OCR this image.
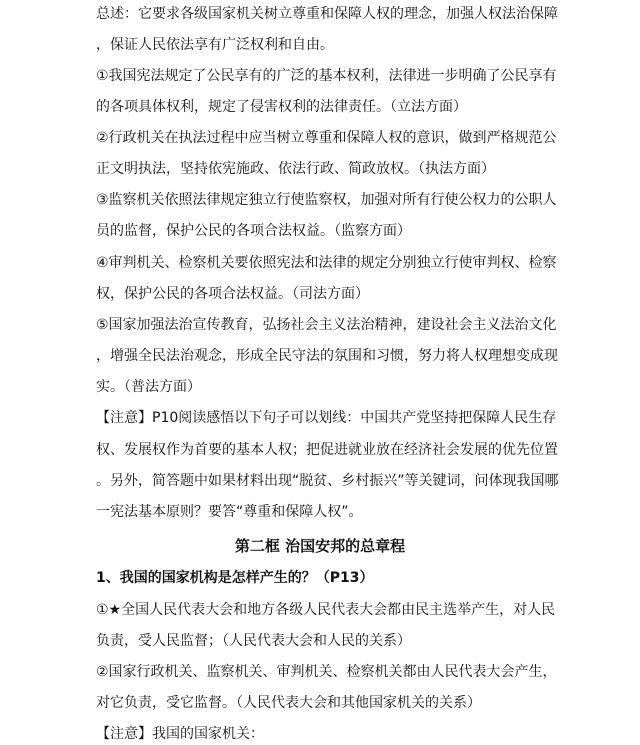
总述：它要求各级国家机关树立尊重和保障人权的理念，加强人权法治保障
，保证人民依法享有广泛权利和自由。
①我国宪法规定了公民享有的广泛的基本权利，法律进一步明确了公民享有
的各项具体权利，规定了侵害权利的法律责任。（立法方面）
②行政机关在执法过程中应当树立尊重和保障人权的意识，做到严格规范公
正文明执法，坚持依宪施政、依法行政、简政放权。（执法方面）
③监察机关依照法律规定独立行使监察权，加强对所有行使公权力的公职人
员的监督，保护公民的各项合法权益。（监察方面）
④审判机关、检察机关要依照宪法和法律的规定分别独立行使审判权、检察
权，保护公民的各项合法权益。（司法方面）
⑤国家加强法治宣传教育，弘扬社会主义法治精神，建设社会主义法治文化
，增强全民法治观念，形成全民守法的氛围和习惯，努力将人权理想变成现
实。（普法方面）
【注意】P10阅读感悟以下句子可以划线：中国共产党坚持把保障人民生存
权、发展权作为首要的基本人权；把促进就业放在经济社会发展的优先位置
。另外，简答题中如果材料出现“脱贫、乡村振兴”等关键词，问体现我国哪
一宪法基本原则？要答“尊重和保障人权”。
第二框 治国安邦的总章程
1、我国的国家机构是怎样产生的？（P13）
①★全国人民代表大会和地方各级人民代表大会都由民主选举产生，对人民
负责，受人民监督；（人民代表大会和人民的关系）
②国家行政机关、监察机关、审判机关、检察机关都由人民代表大会产生，
对它负责，受它监督。（人民代表大会和其他国家机关的关系）
【注意】我国的国家机关：
